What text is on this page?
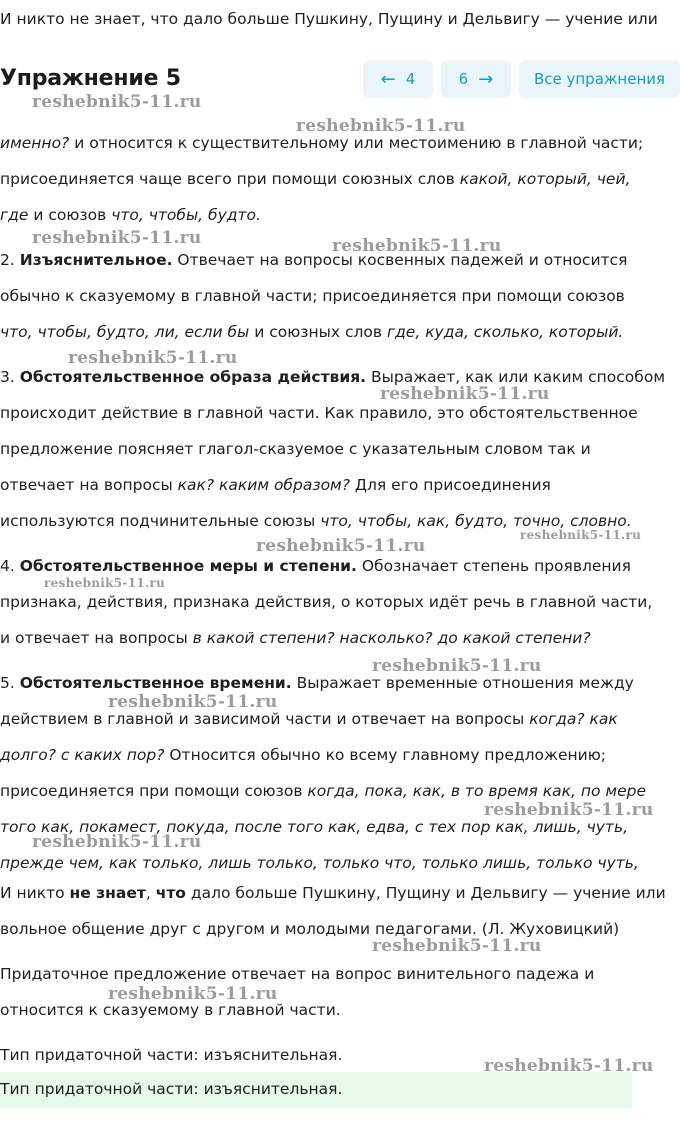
И никто не знает, что дало больше Пушкину, Пущину и Дельвигу — учение или
Упражнение 5	← 4	6 →	Все упражнения
именно? и относится к существительному или местоимению в главной части;
присоединяется чаще всего при помощи союзных слов какой, который, чей,
где и союзов что, чтобы, будто.
2. Изъяснительное. Отвечает на вопросы косвенных падежей и относится
обычно к сказуемому в главной части; присоединяется при помощи союзов
что, чтобы, будто, ли, если бы и союзных слов где, куда, сколько, который.
3. Обстоятельственное образа действия. Выражает, как или каким способом
происходит действие в главной части. Как правило, это обстоятельственное
предложение поясняет глагол-сказуемое с указательным словом так и
отвечает на вопросы как? каким образом? Для его присоединения
используются подчинительные союзы что, чтобы, как, будто, точно, словно.
4. Обстоятельственное меры и степени. Обозначает степень проявления
признака, действия, признака действия, о которых идёт речь в главной части,
и отвечает на вопросы в какой степени? насколько? до какой степени?
5. Обстоятельственное времени. Выражает временные отношения между
действием в главной и зависимой части и отвечает на вопросы когда? как
долго? с каких пор? Относится обычно ко всему главному предложению;
присоединяется при помощи союзов когда, пока, как, в то время как, по мере
того как, покамест, покуда, после того как, едва, с тех пор как, лишь, чуть,
прежде чем, как только, лишь только, только что, только лишь, только чуть,
И никто не знает, что дало больше Пушкину, Пущину и Дельвигу — учение или
вольное общение друг с другом и молодыми педагогами. (Л. Жуховицкий)
Придаточное предложение отвечает на вопрос винительного падежа и
относится к сказуемому в главной части.
Тип придаточной части: изъяснительная.
Тип придаточной части: изъяснительная.
reshebnik5-11.ru
reshebnik5-11.ru
reshebnik5-11.ru	reshebnik5-11.ru
reshebnik5-11.ru
reshebnik5-11.ru
reshebnik5-11.ru
reshebnik5-11.ru
reshebnik5-11.ru
reshebnik5-11.ru
reshebnik5-11.ru
reshebnik5-11.ru
reshebnik5-11.ru
reshebnik5-11.ru
reshebnik5-11.ru
reshebnik5-11.ru
